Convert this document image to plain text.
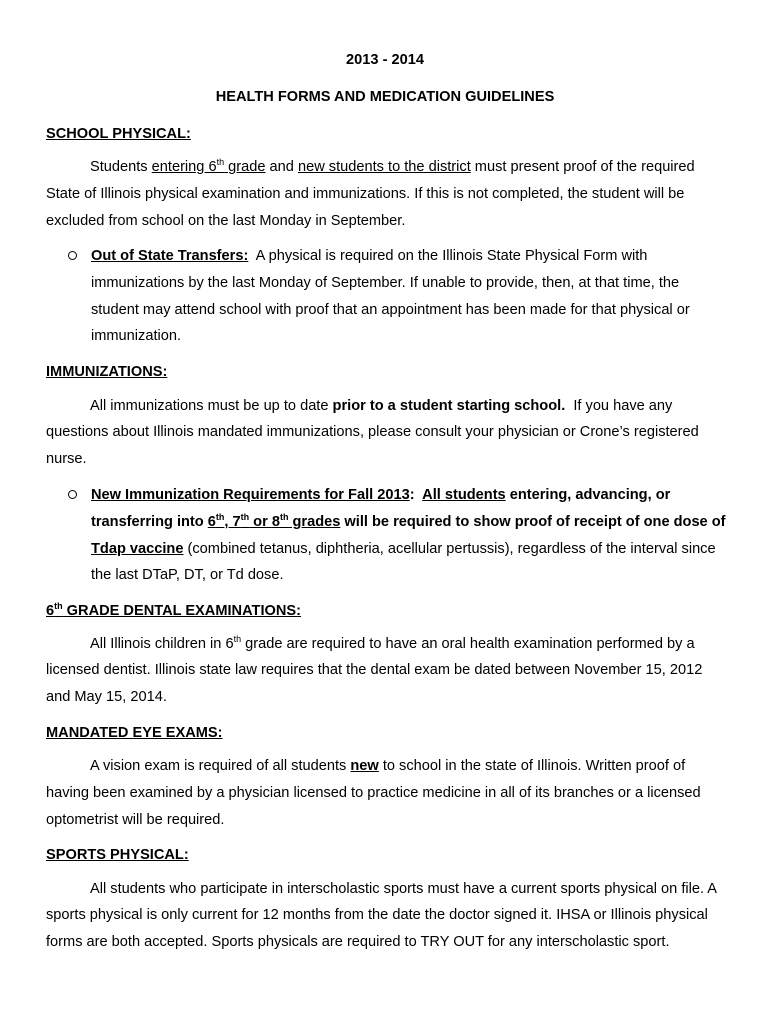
2013 - 2014
HEALTH FORMS AND MEDICATION GUIDELINES
SCHOOL PHYSICAL:
Students entering 6th grade and new students to the district must present proof of the required
State of Illinois physical examination and immunizations. If this is not completed, the student will be
excluded from school on the last Monday in September.
Out of State Transfers:  A physical is required on the Illinois State Physical Form with
immunizations by the last Monday of September. If unable to provide, then, at that time, the
student may attend school with proof that an appointment has been made for that physical or
immunization.
IMMUNIZATIONS:
All immunizations must be up to date prior to a student starting school.  If you have any
questions about Illinois mandated immunizations, please consult your physician or Crone’s registered
nurse.
New Immunization Requirements for Fall 2013:  All students entering, advancing, or
transferring into 6th, 7th or 8th grades will be required to show proof of receipt of one dose of
Tdap vaccine (combined tetanus, diphtheria, acellular pertussis), regardless of the interval since
the last DTaP, DT, or Td dose.
6th GRADE DENTAL EXAMINATIONS:
All Illinois children in 6th grade are required to have an oral health examination performed by a
licensed dentist. Illinois state law requires that the dental exam be dated between November 15, 2012
and May 15, 2014.
MANDATED EYE EXAMS:
A vision exam is required of all students new to school in the state of Illinois. Written proof of
having been examined by a physician licensed to practice medicine in all of its branches or a licensed
optometrist will be required.
SPORTS PHYSICAL:
All students who participate in interscholastic sports must have a current sports physical on file. A
sports physical is only current for 12 months from the date the doctor signed it. IHSA or Illinois physical
forms are both accepted. Sports physicals are required to TRY OUT for any interscholastic sport.
